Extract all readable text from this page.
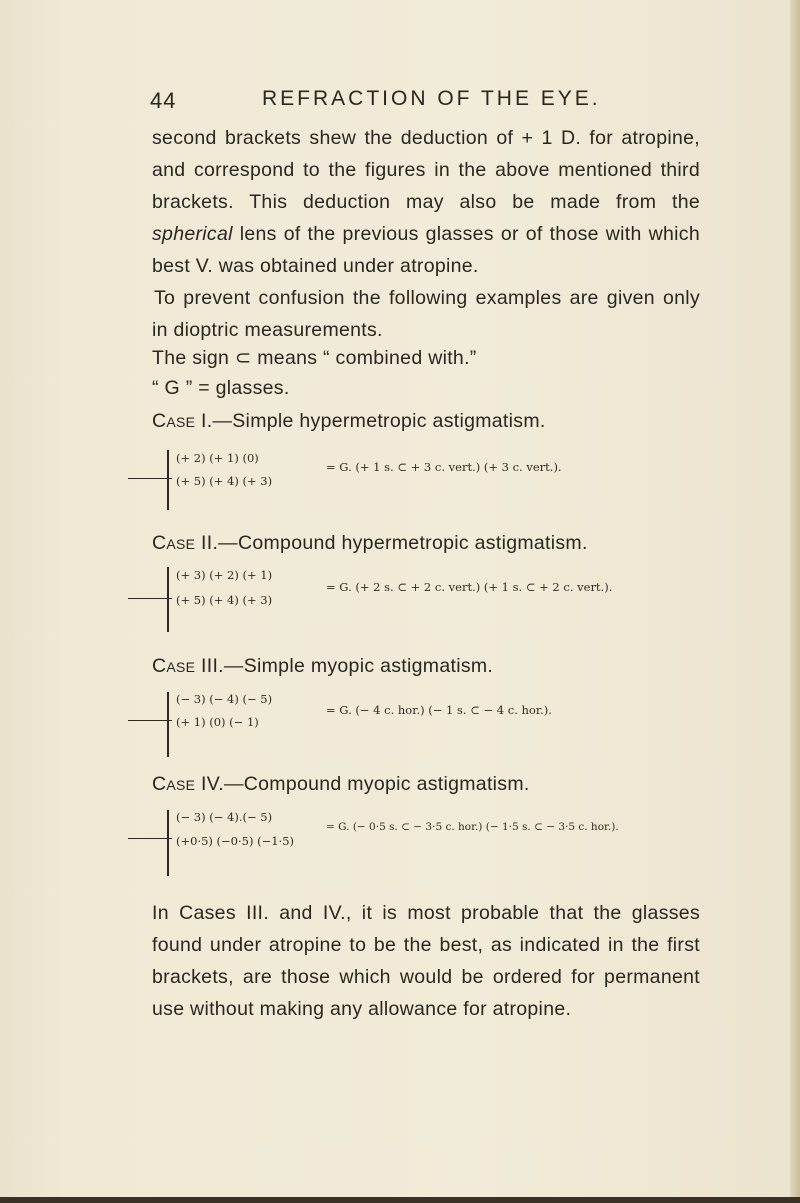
44	REFRACTION OF THE EYE.
second brackets shew the deduction of + 1 D. for atropine, and correspond to the figures in the above mentioned third brackets. This deduction may also be made from the spherical lens of the previous glasses or of those with which best V. was obtained under atropine.
To prevent confusion the following examples are given only in dioptric measurements.
The sign ⊂ means “ combined with.”
“ G ” = glasses.
Case I.—Simple hypermetropic astigmatism.
(+ 2) (+ 1) (0)
(+ 5) (+ 4) (+ 3)
= G. (+ 1 s. ⊂ + 3 c. vert.) (+ 3 c. vert.).
Case II.—Compound hypermetropic astigmatism.
(+ 3) (+ 2) (+ 1)
(+ 5) (+ 4) (+ 3)
= G. (+ 2 s. ⊂ + 2 c. vert.) (+ 1 s. ⊂ + 2 c. vert.).
Case III.—Simple myopic astigmatism.
(− 3) (− 4) (− 5)
(+ 1) (0) (− 1)
= G. (− 4 c. hor.) (− 1 s. ⊂ − 4 c. hor.).
Case IV.—Compound myopic astigmatism.
(− 3) (− 4).(− 5)
(+0·5) (−0·5) (−1·5)
= G. (− 0·5 s. ⊂ − 3·5 c. hor.) (− 1·5 s. ⊂ − 3·5 c. hor.).
In Cases III. and IV., it is most probable that the glasses found under atropine to be the best, as indicated in the first brackets, are those which would be ordered for permanent use without making any allowance for atropine.
